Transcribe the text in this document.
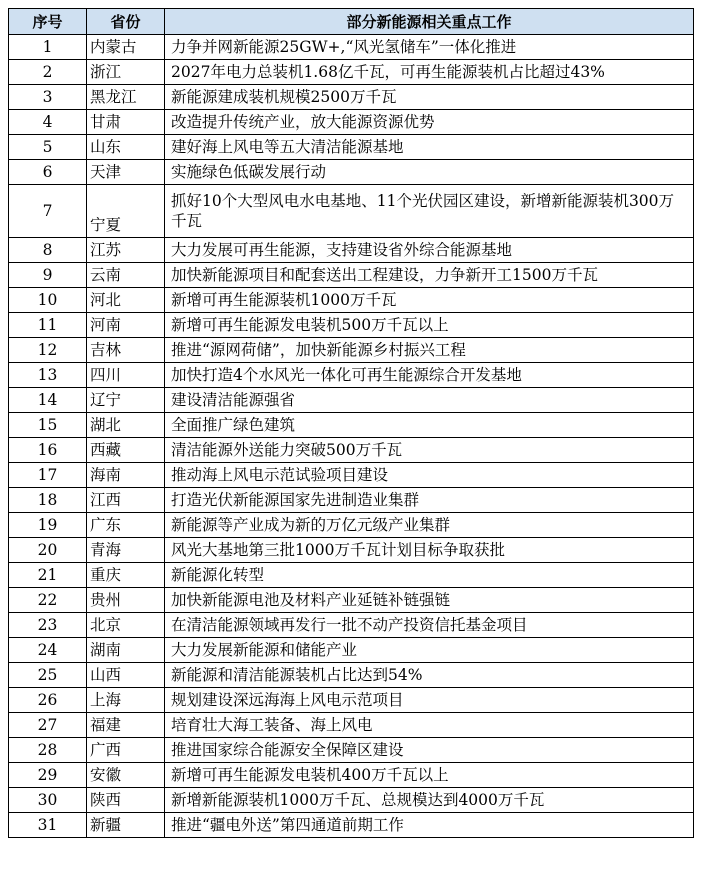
序号	省份	部分新能源相关重点工作
1	内蒙古	力争并网新能源25GW+,“风光氢储车”一体化推进
2	浙江	2027年电力总装机1.68亿千瓦，可再生能源装机占比超过43%
3	黑龙江	新能源建成装机规模2500万千瓦
4	甘肃	改造提升传统产业，放大能源资源优势
5	山东	建好海上风电等五大清洁能源基地
6	天津	实施绿色低碳发展行动
7	宁夏	抓好10个大型风电水电基地、11个光伏园区建设，新增新能源装机300万千瓦
8	江苏	大力发展可再生能源，支持建设省外综合能源基地
9	云南	加快新能源项目和配套送出工程建设，力争新开工1500万千瓦
10	河北	新增可再生能源装机1000万千瓦
11	河南	新增可再生能源发电装机500万千瓦以上
12	吉林	推进“源网荷储”，加快新能源乡村振兴工程
13	四川	加快打造4个水风光一体化可再生能源综合开发基地
14	辽宁	建设清洁能源强省
15	湖北	全面推广绿色建筑
16	西藏	清洁能源外送能力突破500万千瓦
17	海南	推动海上风电示范试验项目建设
18	江西	打造光伏新能源国家先进制造业集群
19	广东	新能源等产业成为新的万亿元级产业集群
20	青海	风光大基地第三批1000万千瓦计划目标争取获批
21	重庆	新能源化转型
22	贵州	加快新能源电池及材料产业延链补链强链
23	北京	在清洁能源领域再发行一批不动产投资信托基金项目
24	湖南	大力发展新能源和储能产业
25	山西	新能源和清洁能源装机占比达到54%
26	上海	规划建设深远海海上风电示范项目
27	福建	培育壮大海工装备、海上风电
28	广西	推进国家综合能源安全保障区建设
29	安徽	新增可再生能源发电装机400万千瓦以上
30	陕西	新增新能源装机1000万千瓦、总规模达到4000万千瓦
31	新疆	推进“疆电外送”第四通道前期工作
